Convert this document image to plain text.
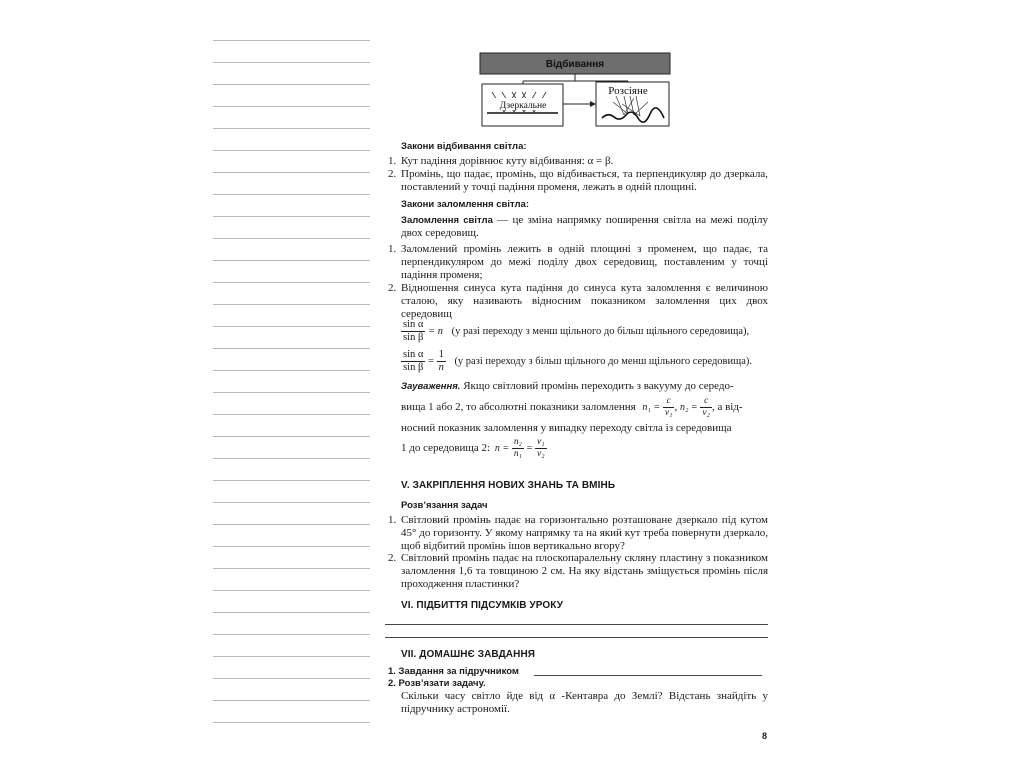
Відбивання
Дзеркальне
Розсіяне
Закони відбивання світла:
1. Кут падіння дорівнює куту відбивання: α = β.
2. Промінь, що падає, промінь, що відбивається, та перпендикуляр до дзеркала, поставлений у точці падіння променя, лежать в одній площині.
Закони заломлення світла:
Заломлення світла — це зміна напрямку поширення світла на межі поділу двох середовищ.
1. Заломлений промінь лежить в одній площині з променем, що падає, та перпендикуляром до межі поділу двох середовищ, поставленим у точці падіння променя;
2. Відношення синуса кута падіння до синуса кута заломлення є величиною сталою, яку називають відносним показником заломлення цих двох середовищ
$\frac{\text{sin α}}{\text{sin β}} = n$ (у разі переходу з менш щільного до більш щільного середовища),
$\frac{\text{sin α}}{\text{sin β}} = \frac{1}{n} (у$ разі переходу з більш щільного до менш щільного середовища).
Зауваження. Якщо світловий промінь переходить з вакууму до середо-
вища 1 або 2, то абсолютні показники заломлення $n_1 = \frac{c}{\text{v₁}}$ , $n_2 = \frac{c}{\text{v₂}}$ , а від-
носний показник заломлення у випадку переходу світла із середовища
1 до середовища 2: $n = \frac{\text{n₂}}{\text{n₁}} = \frac{\text{v₁}}{\text{v₂}}$
V. ЗАКРІПЛЕННЯ НОВИХ ЗНАНЬ ТА ВМІНЬ
Розв’язання задач
1. Світловий промінь падає на горизонтально розташоване дзеркало під кутом 45° до горизонту. У якому напрямку та на який кут треба повернути дзеркало, щоб відбитий промінь ішов вертикально вгору?
2. Світловий промінь падає на плоскопаралельну скляну пластину з показником заломлення 1,6 та товщиною 2 см. На яку відстань зміщується промінь після проходження пластинки?
VI. ПІДБИТТЯ ПІДСУМКІВ УРОКУ
VII. ДОМАШНЄ ЗАВДАННЯ
1. Завдання за підручником
2. Розв’язати задачу.
Скільки часу світло йде від α -Кентавра до Землі? Відстань знайдіть у підручнику астрономії.
8
